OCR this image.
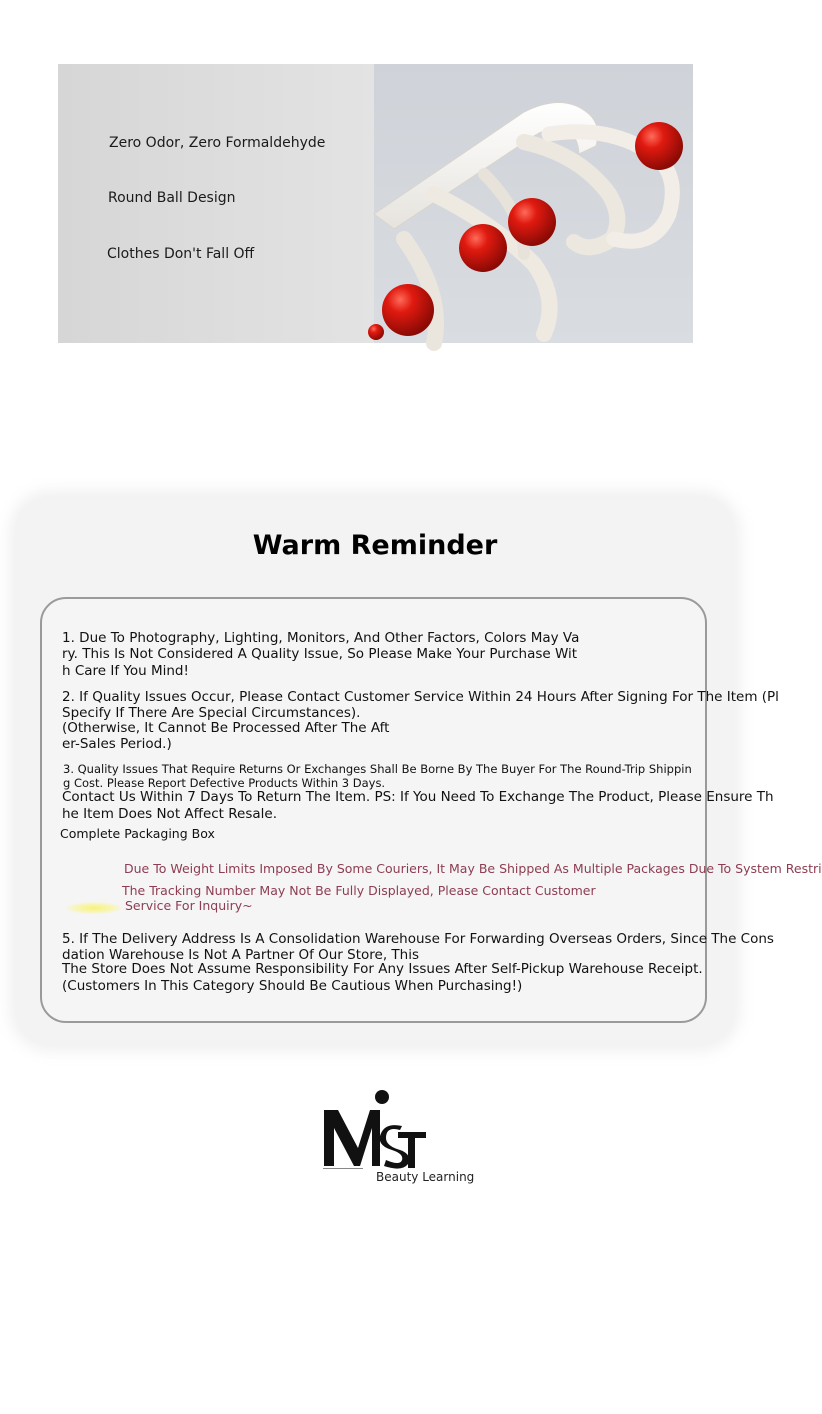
Zero Odor, Zero Formaldehyde
Round Ball Design
Clothes Don't Fall Off
Warm Reminder
1. Due To Photography, Lighting, Monitors, And Other Factors, Colors May Va
ry. This Is Not Considered A Quality Issue, So Please Make Your Purchase Wit
h Care If You Mind!
2. If Quality Issues Occur, Please Contact Customer Service Within 24 Hours After Signing For The Item (Pl
Specify If There Are Special Circumstances).
(Otherwise, It Cannot Be Processed After The Aft
er-Sales Period.)
3. Quality Issues That Require Returns Or Exchanges Shall Be Borne By The Buyer For The Round-Trip Shippin
g Cost. Please Report Defective Products Within 3 Days.
Contact Us Within 7 Days To Return The Item. PS: If You Need To Exchange The Product, Please Ensure Th
he Item Does Not Affect Resale.
Complete Packaging Box
Due To Weight Limits Imposed By Some Couriers, It May Be Shipped As Multiple Packages Due To System Restri
The Tracking Number May Not Be Fully Displayed, Please Contact Customer
Service For Inquiry~
5. If The Delivery Address Is A Consolidation Warehouse For Forwarding Overseas Orders, Since The Cons
dation Warehouse Is Not A Partner Of Our Store, This
The Store Does Not Assume Responsibility For Any Issues After Self-Pickup Warehouse Receipt.
(Customers In This Category Should Be Cautious When Purchasing!)
Beauty Learning
